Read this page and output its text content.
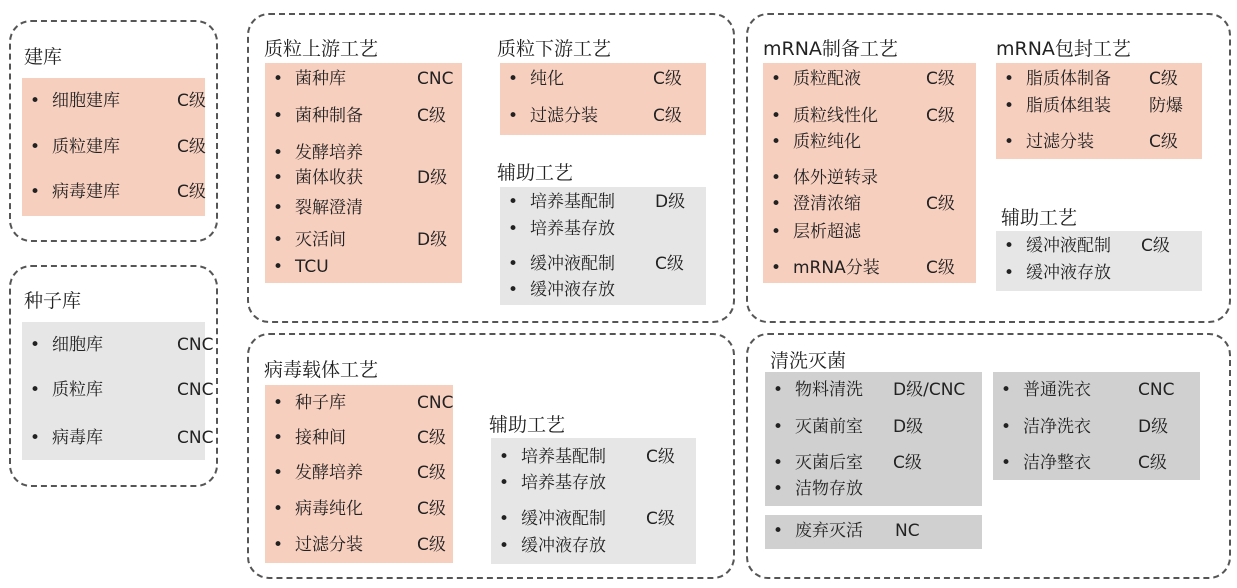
建库
种子库
质粒上游工艺	质粒下游工艺
辅助工艺
mRNA制备工艺	mRNA包封工艺
辅助工艺
病毒载体工艺
辅助工艺
清洗灭菌
•
细胞建库	C级
•
质粒建库	C级
•
病毒建库	C级
•
细胞库	CNC
•
质粒库	CNC
•
病毒库	CNC
•
菌种库	CNC
•
菌种制备	C级
•
发酵培养
•
菌体收获	D级
•
裂解澄清
•
灭活间	D级
•
TCU
•
纯化	C级
•
过滤分装	C级
•
培养基配制 D级
•
培养基存放
•
缓冲液配制 C级
•
缓冲液存放
•
质粒配液	C级
•
质粒线性化	C级
•
质粒纯化
•
体外逆转录
•
澄清浓缩	C级
•
层析超滤
•
mRNA分装	C级
•
脂质体制备 C级
•
脂质体组装 防爆
•
过滤分装	C级
•
缓冲液配制 C级
•
缓冲液存放
•
种子库	CNC
•
接种间	C级
•
发酵培养	C级
•
病毒纯化	C级
•
过滤分装	C级
•
培养基配制 C级
•
培养基存放
•
缓冲液配制 C级
•
缓冲液存放
•
物料清洗 D级/CNC
•
灭菌前室 D级
•
灭菌后室 C级
•
洁物存放
•
废弃灭活 NC
•
普通洗衣	CNC
•
洁净洗衣	D级
•
洁净整衣	C级
